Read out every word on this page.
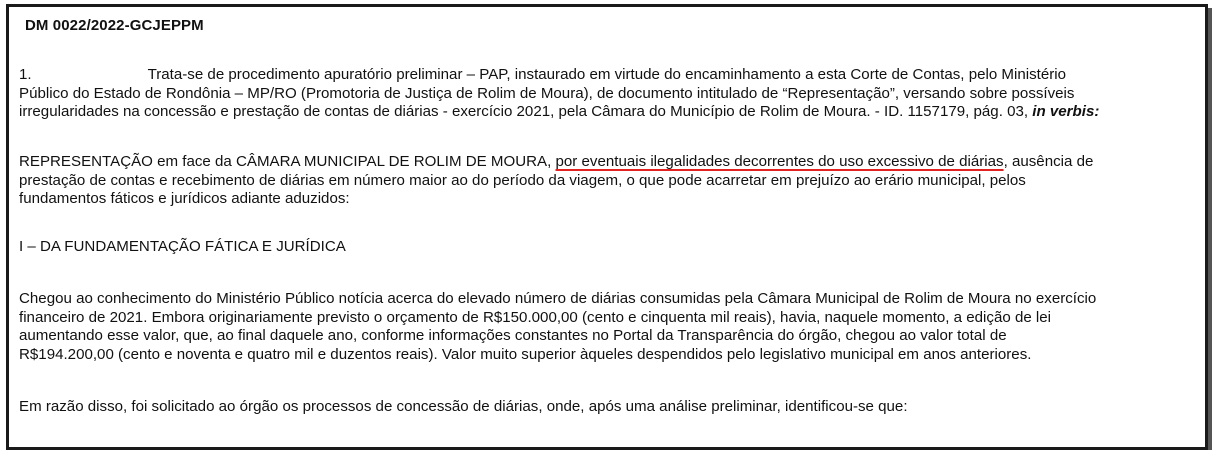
DM 0022/2022-GCJEPPM

1.	Trata-se de procedimento apuratório preliminar – PAP, instaurado em virtude do encaminhamento a esta Corte de Contas, pelo Ministério
Público do Estado de Rondônia – MP/RO (Promotoria de Justiça de Rolim de Moura), de documento intitulado de “Representação”, versando sobre possíveis
irregularidades na concessão e prestação de contas de diárias - exercício 2021, pela Câmara do Município de Rolim de Moura. - ID. 1157179, pág. 03, in verbis:

REPRESENTAÇÃO em face da CÂMARA MUNICIPAL DE ROLIM DE MOURA, por eventuais ilegalidades decorrentes do uso excessivo de diárias, ausência de
prestação de contas e recebimento de diárias em número maior ao do período da viagem, o que pode acarretar em prejuízo ao erário municipal, pelos
fundamentos fáticos e jurídicos adiante aduzidos:

I – DA FUNDAMENTAÇÃO FÁTICA E JURÍDICA

Chegou ao conhecimento do Ministério Público notícia acerca do elevado número de diárias consumidas pela Câmara Municipal de Rolim de Moura no exercício
financeiro de 2021. Embora originariamente previsto o orçamento de R$150.000,00 (cento e cinquenta mil reais), havia, naquele momento, a edição de lei
aumentando esse valor, que, ao final daquele ano, conforme informações constantes no Portal da Transparência do órgão, chegou ao valor total de
R$194.200,00 (cento e noventa e quatro mil e duzentos reais). Valor muito superior àqueles despendidos pelo legislativo municipal em anos anteriores.

Em razão disso, foi solicitado ao órgão os processos de concessão de diárias, onde, após uma análise preliminar, identificou-se que:
